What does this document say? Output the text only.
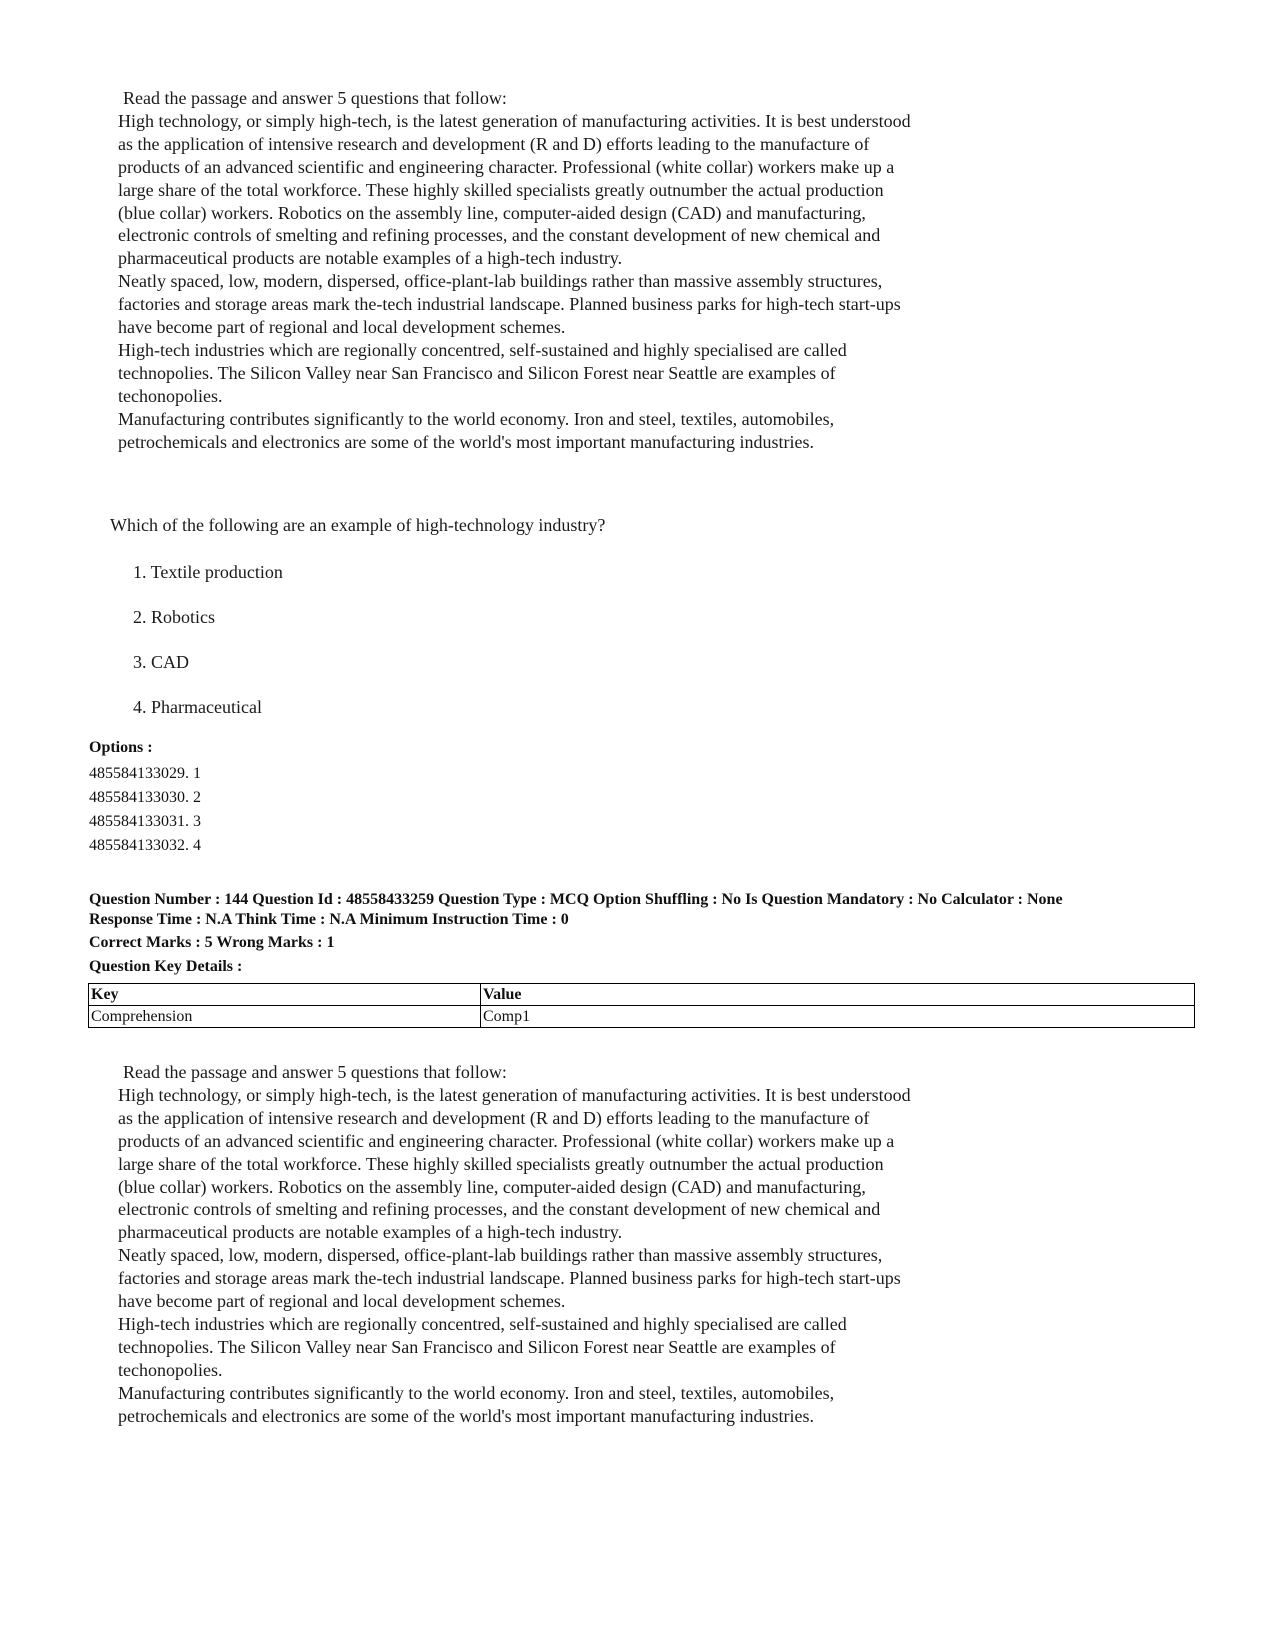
Read the passage and answer 5 questions that follow:
High technology, or simply high-tech, is the latest generation of manufacturing activities. It is best understood
as the application of intensive research and development (R and D) efforts leading to the manufacture of
products of an advanced scientific and engineering character. Professional (white collar) workers make up a
large share of the total workforce. These highly skilled specialists greatly outnumber the actual production
(blue collar) workers. Robotics on the assembly line, computer-aided design (CAD) and manufacturing,
electronic controls of smelting and refining processes, and the constant development of new chemical and
pharmaceutical products are notable examples of a high-tech industry.
Neatly spaced, low, modern, dispersed, office-plant-lab buildings rather than massive assembly structures,
factories and storage areas mark the-tech industrial landscape. Planned business parks for high-tech start-ups
have become part of regional and local development schemes.
High-tech industries which are regionally concentred, self-sustained and highly specialised are called
technopolies. The Silicon Valley near San Francisco and Silicon Forest near Seattle are examples of
techonopolies.
Manufacturing contributes significantly to the world economy. Iron and steel, textiles, automobiles,
petrochemicals and electronics are some of the world's most important manufacturing industries.
Which of the following are an example of high-technology industry?
1. Textile production
2. Robotics
3. CAD
4. Pharmaceutical
Options :
485584133029. 1
485584133030. 2
485584133031. 3
485584133032. 4
Question Number : 144 Question Id : 48558433259 Question Type : MCQ Option Shuffling : No Is Question Mandatory : No Calculator : None
Response Time : N.A Think Time : N.A Minimum Instruction Time : 0
Correct Marks : 5 Wrong Marks : 1
Question Key Details :
Key	Value
Comprehension	Comp1
Read the passage and answer 5 questions that follow:
High technology, or simply high-tech, is the latest generation of manufacturing activities. It is best understood
as the application of intensive research and development (R and D) efforts leading to the manufacture of
products of an advanced scientific and engineering character. Professional (white collar) workers make up a
large share of the total workforce. These highly skilled specialists greatly outnumber the actual production
(blue collar) workers. Robotics on the assembly line, computer-aided design (CAD) and manufacturing,
electronic controls of smelting and refining processes, and the constant development of new chemical and
pharmaceutical products are notable examples of a high-tech industry.
Neatly spaced, low, modern, dispersed, office-plant-lab buildings rather than massive assembly structures,
factories and storage areas mark the-tech industrial landscape. Planned business parks for high-tech start-ups
have become part of regional and local development schemes.
High-tech industries which are regionally concentred, self-sustained and highly specialised are called
technopolies. The Silicon Valley near San Francisco and Silicon Forest near Seattle are examples of
techonopolies.
Manufacturing contributes significantly to the world economy. Iron and steel, textiles, automobiles,
petrochemicals and electronics are some of the world's most important manufacturing industries.
